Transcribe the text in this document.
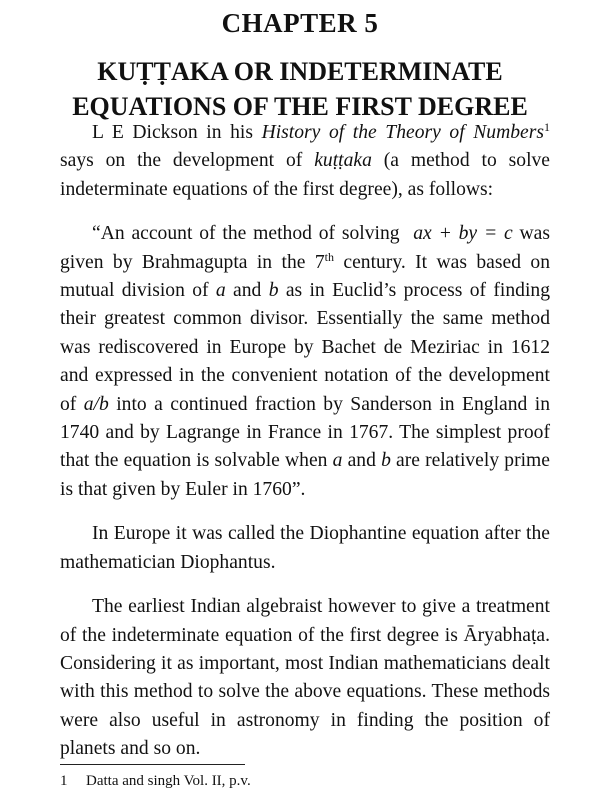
CHAPTER 5
KUṬṬAKA OR INDETERMINATE
EQUATIONS OF THE FIRST DEGREE

L E Dickson in his History of the Theory of Numbers$^1$ says on the development of kuṭṭaka (a method to solve indeterminate equations of the first degree), as follows:

“An account of the method of solving  ax + by = c was given by Brahmagupta in the 7th century. It was based on mutual division of a and b as in Euclid’s process of finding their greatest common divisor. Essentially the same method was rediscovered in Europe by Bachet de Meziriac in 1612 and expressed in the convenient notation of the development of a/b into a continued fraction by Sanderson in England in 1740 and by Lagrange in France in 1767. The simplest proof that the equation is solvable when a and b are relatively prime is that given by Euler in 1760”.

In Europe it was called the Diophantine equation after the mathematician Diophantus.

The earliest Indian algebraist however to give a treatment of the indeterminate equation of the first degree is Āryabhaṭa. Considering it as important, most Indian mathematicians dealt with this method to solve the above equations. These methods were also useful in astronomy in finding the position of planets and so on.

1 Datta and singh Vol. II, p.v.
